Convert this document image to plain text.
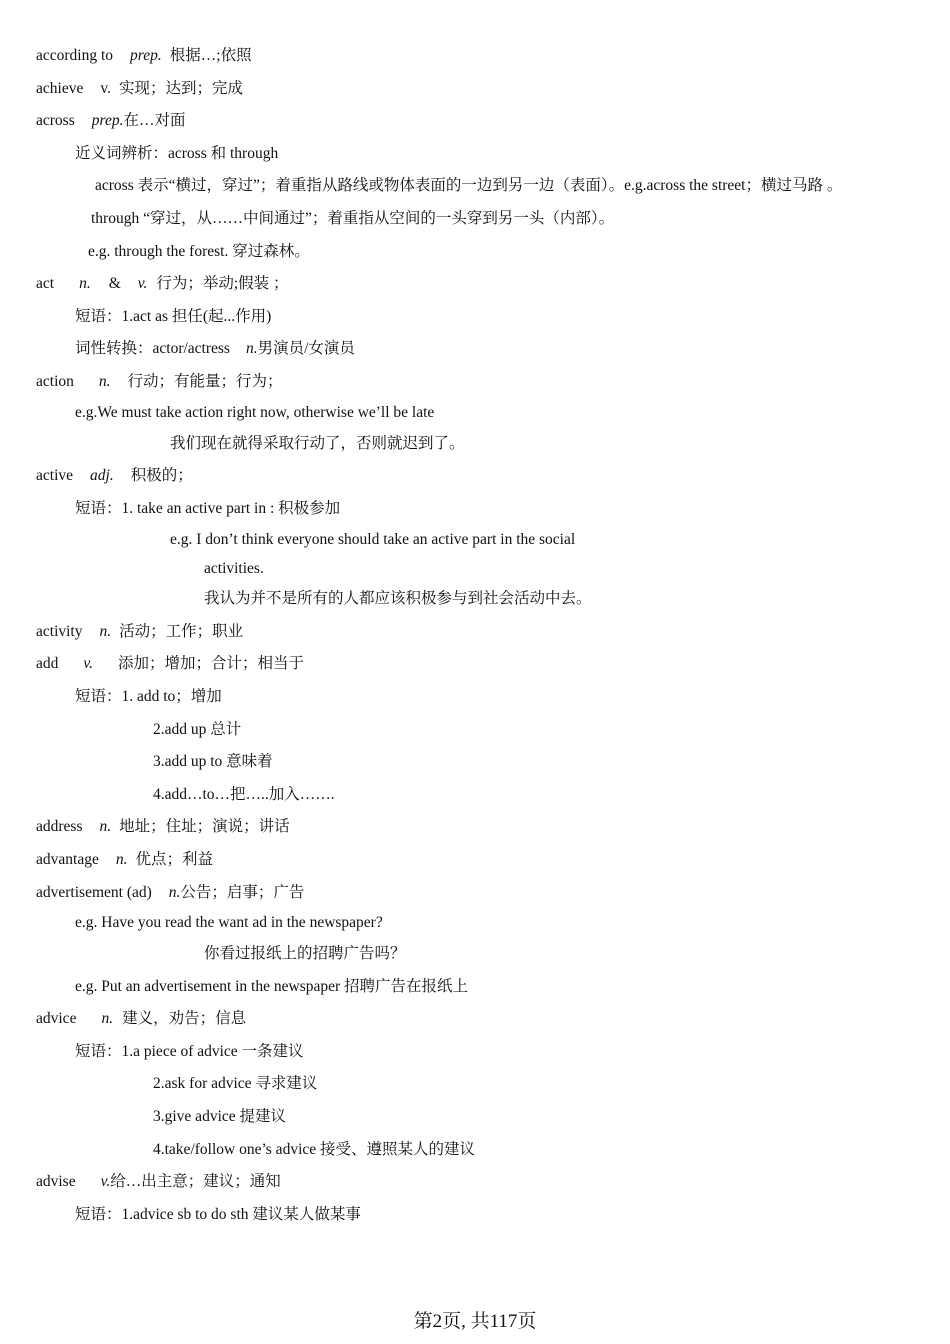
according to prep. 根据…;依照
achieve v. 实现；达到；完成
across prep.在…对面
近义词辨析：across 和 through
across 表示“横过，穿过”；着重指从路线或物体表面的一边到另一边（表面）。e.g.across the street；横过马路 。
through “穿过，从……中间通过”；着重指从空间的一头穿到另一头（内部）。
e.g. through the forest. 穿过森林。
act n. & v. 行为；举动;假装 ；
短语：1.act as 担任(起...作用)
词性转换：actor/actress n.男演员/女演员
action n. 行动；有能量；行为；
e.g.We must take action right now, otherwise we’ll be late
我们现在就得采取行动了，否则就迟到了。
active adj. 积极的；
短语：1. take an active part in : 积极参加
e.g. I don’t think everyone should take an active part in the social
activities.
我认为并不是所有的人都应该积极参与到社会活动中去。
activity n. 活动；工作；职业
add v. 添加；增加；合计；相当于
短语：1. add to；增加
2.add up 总计
3.add up to 意味着
4.add…to…把…..加入…….
address n. 地址；住址；演说；讲话
advantage n. 优点；利益
advertisement (ad) n.公告；启事；广告
e.g. Have you read the want ad in the newspaper?
你看过报纸上的招聘广告吗？
e.g. Put an advertisement in the newspaper 招聘广告在报纸上
advice n. 建义，劝告；信息
短语：1.a piece of advice 一条建议
2.ask for advice 寻求建议
3.give advice 提建议
4.take/follow one’s advice 接受、遵照某人的建议
advise v.给…出主意；建议；通知
短语：1.advice sb to do sth 建议某人做某事
第2页, 共117页
